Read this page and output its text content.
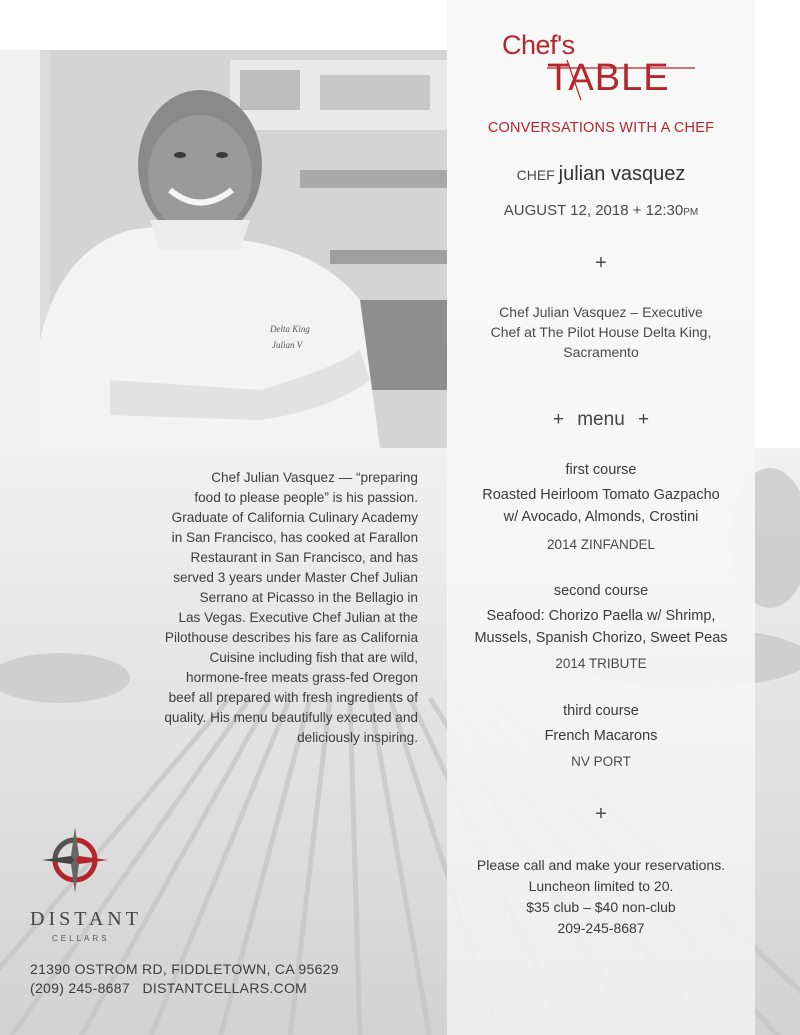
Delta King
Julian V
Chef's
TABLE
CONVERSATIONS WITH A CHEF
CHEF julian vasquez
AUGUST 12, 2018 + 12:30PM
+
Chef Julian Vasquez – Executive
Chef at The Pilot House Delta King,
Sacramento
+ menu +
first course
Roasted Heirloom Tomato Gazpacho
w/ Avocado, Almonds, Crostini
2014 ZINFANDEL
second course
Seafood: Chorizo Paella w/ Shrimp,
Mussels, Spanish Chorizo, Sweet Peas
2014 TRIBUTE
third course
French Macarons
NV PORT
+
Please call and make your reservations.
Luncheon limited to 20.
$35 club – $40 non-club
209-245-8687
Chef Julian Vasquez — “preparing
food to please people” is his passion.
Graduate of California Culinary Academy
in San Francisco, has cooked at Farallon
Restaurant in San Francisco, and has
served 3 years under Master Chef Julian
Serrano at Picasso in the Bellagio in
Las Vegas. Executive Chef Julian at the
Pilothouse describes his fare as California
Cuisine including fish that are wild,
hormone-free meats grass-fed Oregon
beef all prepared with fresh ingredients of
quality. His menu beautifully executed and
deliciously inspiring.
DISTANT
CELLARS
21390 OSTROM RD, FIDDLETOWN, CA 95629
(209) 245-8687   DISTANTCELLARS.COM
